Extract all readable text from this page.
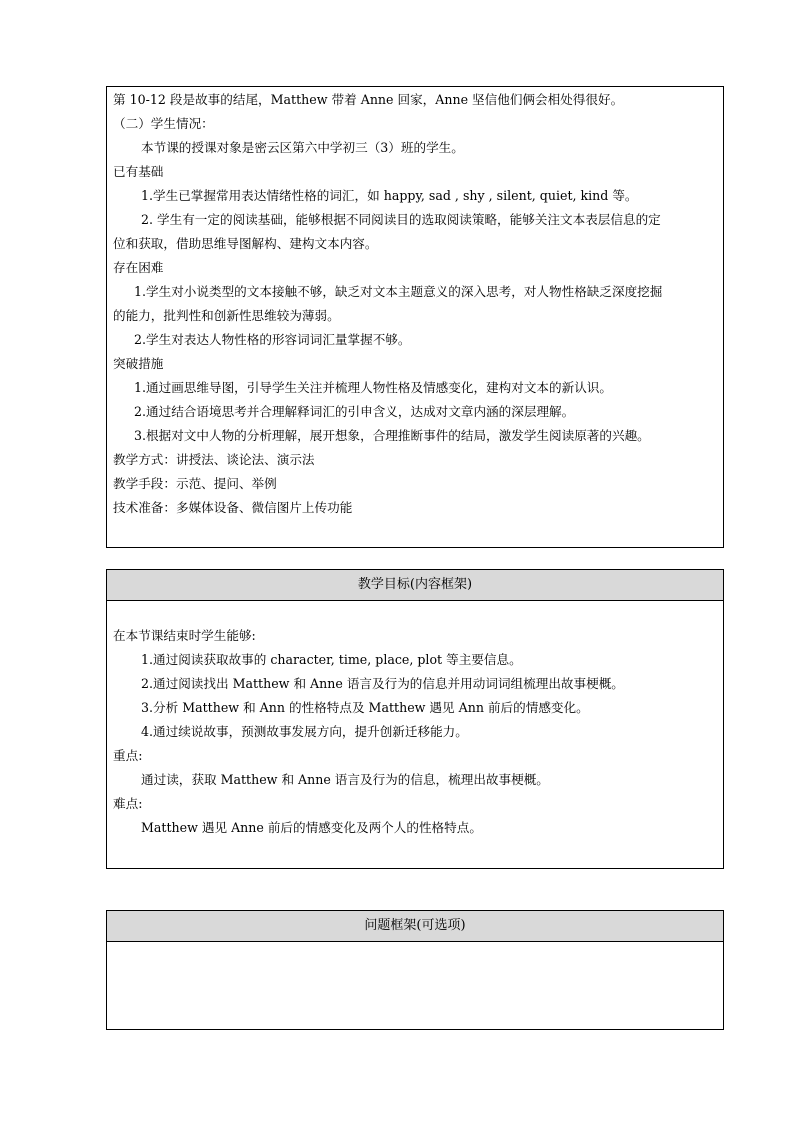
第 10-12 段是故事的结尾，Matthew 带着 Anne 回家，Anne 坚信他们俩会相处得很好。
（二）学生情况：
本节课的授课对象是密云区第六中学初三（3）班的学生。
已有基础
1.学生已掌握常用表达情绪性格的词汇，如 happy, sad , shy , silent, quiet, kind 等。
2. 学生有一定的阅读基础，能够根据不同阅读目的选取阅读策略，能够关注文本表层信息的定
位和获取，借助思维导图解构、建构文本内容。
存在困难
1.学生对小说类型的文本接触不够，缺乏对文本主题意义的深入思考，对人物性格缺乏深度挖掘
的能力，批判性和创新性思维较为薄弱。
2.学生对表达人物性格的形容词词汇量掌握不够。
突破措施
1.通过画思维导图，引导学生关注并梳理人物性格及情感变化，建构对文本的新认识。
2.通过结合语境思考并合理解释词汇的引申含义，达成对文章内涵的深层理解。
3.根据对文中人物的分析理解，展开想象，合理推断事件的结局，激发学生阅读原著的兴趣。
教学方式：讲授法、谈论法、演示法
教学手段：示范、提问、举例
技术准备：多媒体设备、微信图片上传功能
教学目标(内容框架)
在本节课结束时学生能够:
1.通过阅读获取故事的 character, time, place, plot 等主要信息。
2.通过阅读找出 Matthew 和 Anne 语言及行为的信息并用动词词组梳理出故事梗概。
3.分析 Matthew 和 Ann 的性格特点及 Matthew 遇见 Ann 前后的情感变化。
4.通过续说故事，预测故事发展方向，提升创新迁移能力。
重点:
通过读，获取 Matthew 和 Anne 语言及行为的信息，梳理出故事梗概。
难点:
Matthew 遇见 Anne 前后的情感变化及两个人的性格特点。
问题框架(可选项)
